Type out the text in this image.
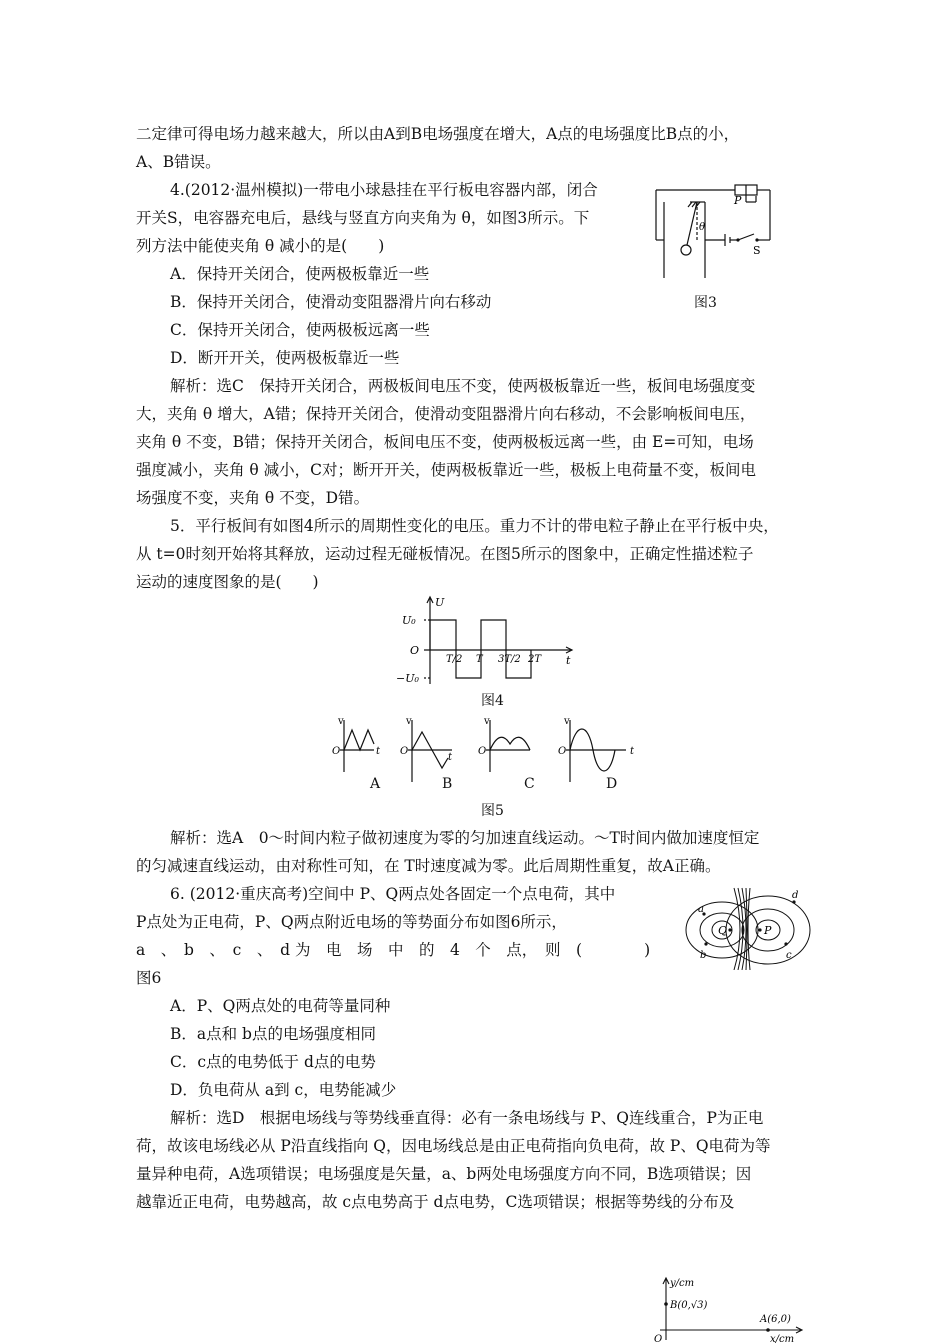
二定律可得电场力越来越大，所以由A到B电场强度在增大，A点的电场强度比B点的小，

A、B错误。

4.(2012·温州模拟)一带电小球悬挂在平行板电容器内部，闭合

开关S，电容器充电后，悬线与竖直方向夹角为 θ，如图3所示。下

列方法中能使夹角 θ 减小的是(　　)

A．保持开关闭合，使两极板靠近一些

B．保持开关闭合，使滑动变阻器滑片向右移动

C．保持开关闭合，使两极板远离一些

D．断开开关，使两极板靠近一些

P
θ
S
图3

解析：选C　保持开关闭合，两极板间电压不变，使两极板靠近一些，板间电场强度变

大，夹角 θ 增大，A错；保持开关闭合，使滑动变阻器滑片向右移动，不会影响板间电压，

夹角 θ 不变，B错；保持开关闭合，板间电压不变，使两极板远离一些，由 E=可知，电场

强度减小，夹角 θ 减小，C对；断开开关，使两极板靠近一些，极板上电荷量不变，板间电

场强度不变，夹角 θ 不变，D错。

5．平行板间有如图4所示的周期性变化的电压。重力不计的带电粒子静止在平行板中央，

从 t=0时刻开始将其释放，运动过程无碰板情况。在图5所示的图象中，正确定性描述粒子

运动的速度图象的是(　　)

U
U₀
O
−U₀
t
T/2 T 3T/2 2T
图4
v
O	t
v
O
t
v
O
v
O	t
A	B	C	D
图5

解析：选A　0～时间内粒子做初速度为零的匀加速直线运动。～T时间内做加速度恒定

的匀减速直线运动，由对称性可知，在 T时速度减为零。此后周期性重复，故A正确。

6. (2012·重庆高考)空间中 P、Q两点处各固定一个点电荷，其中

P点处为正电荷，P、Q两点附近电场的等势面分布如图6所示，

a　、　b　、　c　、　d 为　电　场　中　的　4　个　点，　则　(　　　　)

图6

a
b	c
d
Q	P

A．P、Q两点处的电荷等量同种

B．a点和 b点的电场强度相同

C．c点的电势低于 d点的电势

D．负电荷从 a到 c，电势能减少

解析：选D　根据电场线与等势线垂直得：必有一条电场线与 P、Q连线重合，P为正电

荷，故该电场线必从 P沿直线指向 Q，因电场线总是由正电荷指向负电荷，故 P、Q电荷为等

量异种电荷，A选项错误；电场强度是矢量，a、b两处电场强度方向不同，B选项错误；因

越靠近正电荷，电势越高，故 c点电势高于 d点电势，C选项错误；根据等势线的分布及

y/cm
B(0,√3)
A(6,0)
O	x/cm
